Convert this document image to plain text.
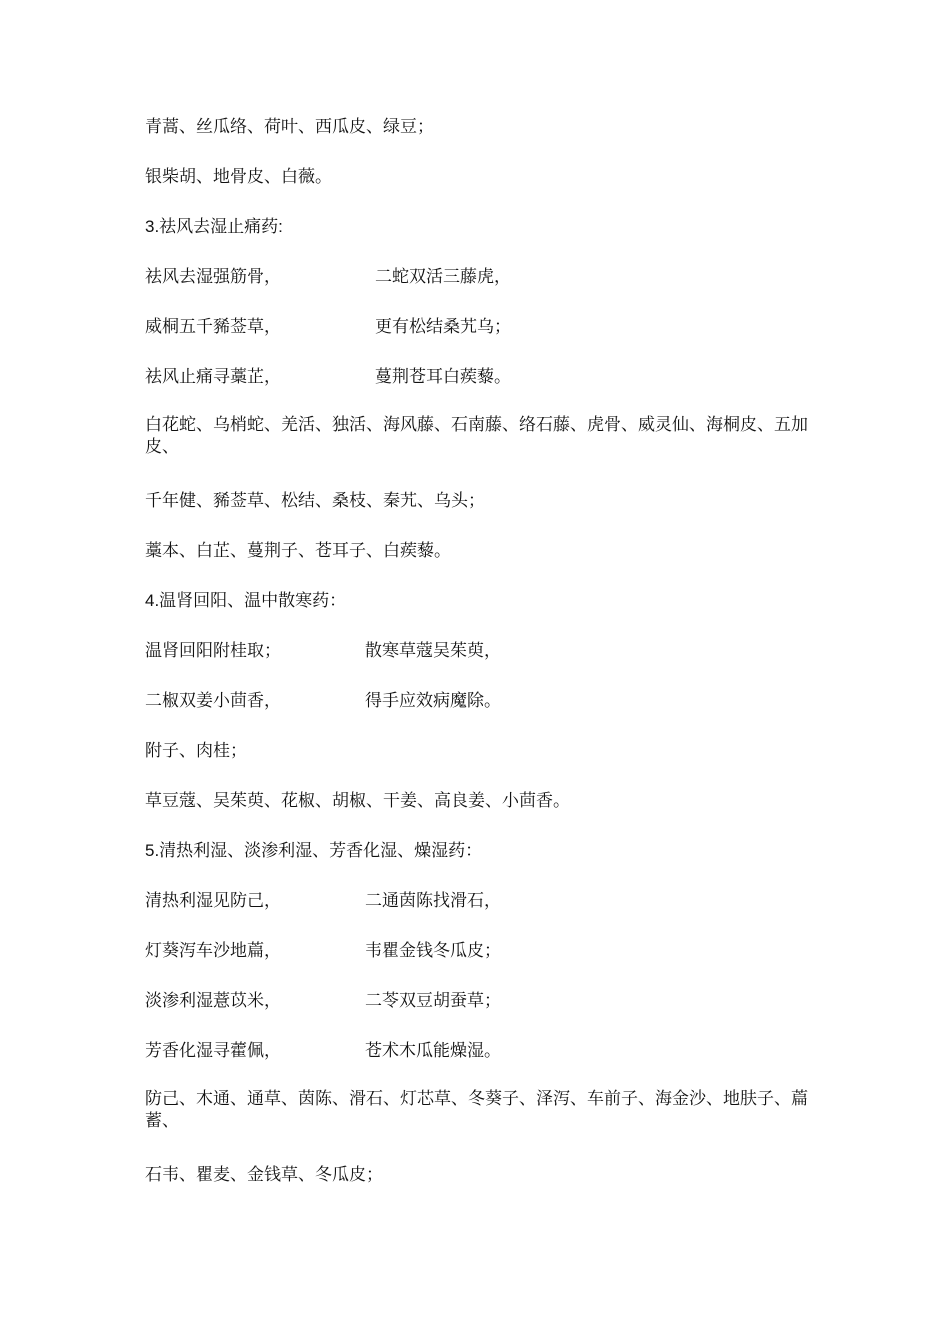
青蒿、丝瓜络、荷叶、西瓜皮、绿豆；
银柴胡、地骨皮、白薇。
3.祛风去湿止痛药:
祛风去湿强筋骨，	二蛇双活三藤虎，
威桐五千豨莶草，	更有松结桑艽乌；
祛风止痛寻藁芷，	蔓荆苍耳白蒺藜。
白花蛇、乌梢蛇、羌活、独活、海风藤、石南藤、络石藤、虎骨、威灵仙、海桐皮、五加皮、
千年健、豨莶草、松结、桑枝、秦艽、乌头；
藁本、白芷、蔓荆子、苍耳子、白蒺藜。
4.温肾回阳、温中散寒药：
温肾回阳附桂取；	散寒草蔻吴茱萸，
二椒双姜小茴香，	得手应效病魔除。
附子、肉桂；
草豆蔻、吴茱萸、花椒、胡椒、干姜、高良姜、小茴香。
5.清热利湿、淡渗利湿、芳香化湿、燥湿药：
清热利湿见防己，	二通茵陈找滑石，
灯葵泻车沙地萹，	韦瞿金钱冬瓜皮；
淡渗利湿薏苡米，	二苓双豆胡蚕草；
芳香化湿寻藿佩，	苍术木瓜能燥湿。
防己、木通、通草、茵陈、滑石、灯芯草、冬葵子、泽泻、车前子、海金沙、地肤子、萹蓄、
石韦、瞿麦、金钱草、冬瓜皮；
